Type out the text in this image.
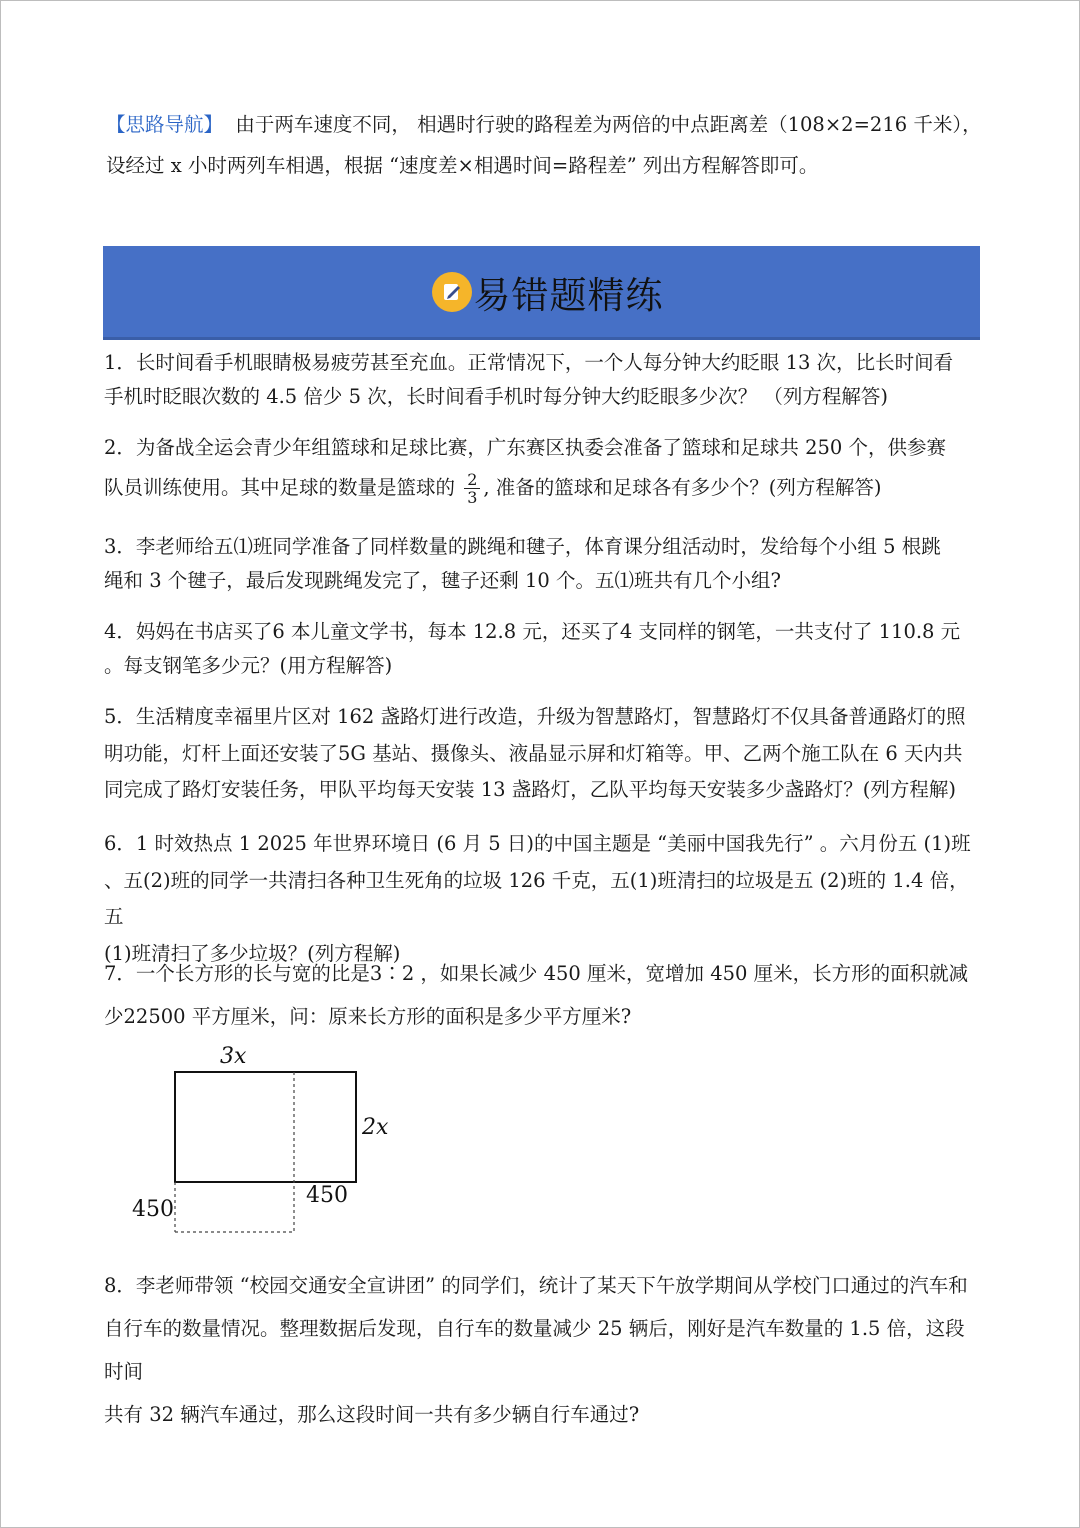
【思路导航】 由于两车速度不同， 相遇时行驶的路程差为两倍的中点距离差（108×2=216 千米），
设经过 x 小时两列车相遇，根据 “速度差×相遇时间=路程差” 列出方程解答即可。
易错题精练
1．长时间看手机眼睛极易疲劳甚至充血。正常情况下，一个人每分钟大约眨眼 13 次，比长时间看
手机时眨眼次数的 4.5 倍少 5 次，长时间看手机时每分钟大约眨眼多少次？ （列方程解答)
2．为备战全运会青少年组篮球和足球比赛，广东赛区执委会准备了篮球和足球共 250 个，供参赛
队员训练使用。其中足球的数量是篮球的 $\frac{2}{3}$ , 准备的篮球和足球各有多少个？(列方程解答)
3．李老师给五⑴班同学准备了同样数量的跳绳和毽子，体育课分组活动时，发给每个小组 5 根跳
绳和 3 个毽子，最后发现跳绳发完了，毽子还剩 10 个。五⑴班共有几个小组?
4．妈妈在书店买了6 本儿童文学书，每本 12.8 元，还买了4 支同样的钢笔，一共支付了 110.8 元
。每支钢笔多少元？(用方程解答)
5．生活精度幸福里片区对 162 盏路灯进行改造，升级为智慧路灯，智慧路灯不仅具备普通路灯的照
明功能，灯杆上面还安装了5G 基站、摄像头、液晶显示屏和灯箱等。甲、乙两个施工队在 6 天内共
同完成了路灯安装任务，甲队平均每天安装 13 盏路灯，乙队平均每天安装多少盏路灯？(列方程解)
6．1 时效热点 1 2025 年世界环境日 (6 月 5 日)的中国主题是 “美丽中国我先行” 。六月份五 (1)班
、五(2)班的同学一共清扫各种卫生死角的垃圾 126 千克，五(1)班清扫的垃圾是五 (2)班的 1.4 倍，五
(1)班清扫了多少垃圾？(列方程解)
7．一个长方形的长与宽的比是3∶2 ，如果长减少 450 厘米，宽增加 450 厘米，长方形的面积就减
少22500 平方厘米，问：原来长方形的面积是多少平方厘米?
3x
2x
450
450
8．李老师带领 “校园交通安全宣讲团” 的同学们，统计了某天下午放学期间从学校门口通过的汽车和
自行车的数量情况。整理数据后发现，自行车的数量减少 25 辆后，刚好是汽车数量的 1.5 倍，这段时间
共有 32 辆汽车通过，那么这段时间一共有多少辆自行车通过?
